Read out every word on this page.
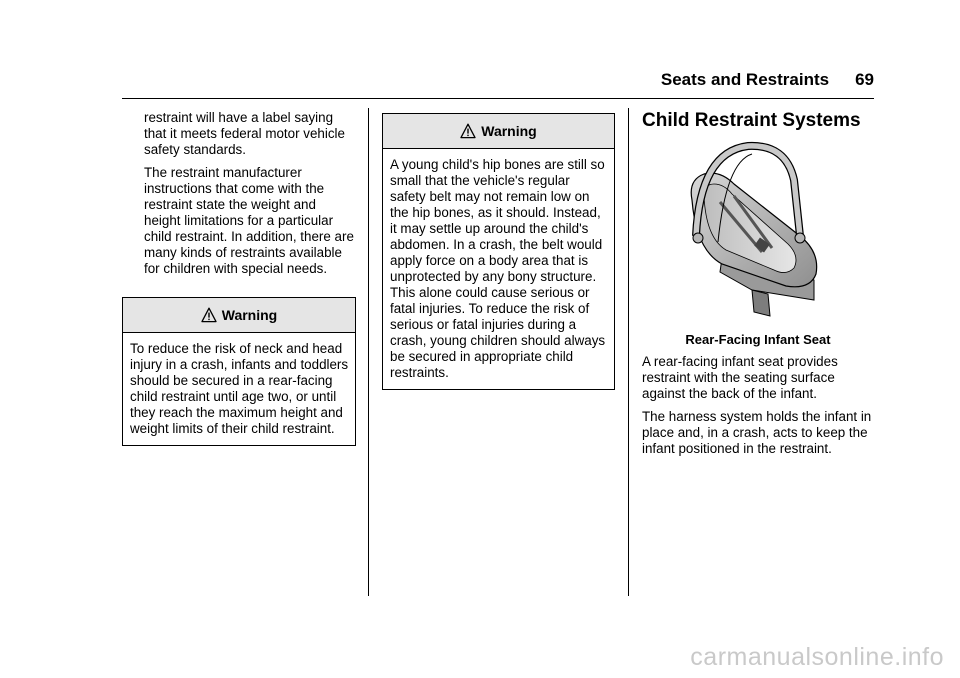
Seats and Restraints 69

restraint will have a label saying that it meets federal motor vehicle safety standards.

The restraint manufacturer instructions that come with the restraint state the weight and height limitations for a particular child restraint. In addition, there are many kinds of restraints available for children with special needs.

Warning
To reduce the risk of neck and head injury in a crash, infants and toddlers should be secured in a rear-facing child restraint until age two, or until they reach the maximum height and weight limits of their child restraint.
Warning
A young child's hip bones are still so small that the vehicle's regular safety belt may not remain low on the hip bones, as it should. Instead, it may settle up around the child's abdomen. In a crash, the belt would apply force on a body area that is unprotected by any bony structure. This alone could cause serious or fatal injuries. To reduce the risk of serious or fatal injuries during a crash, young children should always be secured in appropriate child restraints.
Child Restraint Systems
Rear-Facing Infant Seat

A rear-facing infant seat provides restraint with the seating surface against the back of the infant.

The harness system holds the infant in place and, in a crash, acts to keep the infant positioned in the restraint.

carmanualsonline.info
